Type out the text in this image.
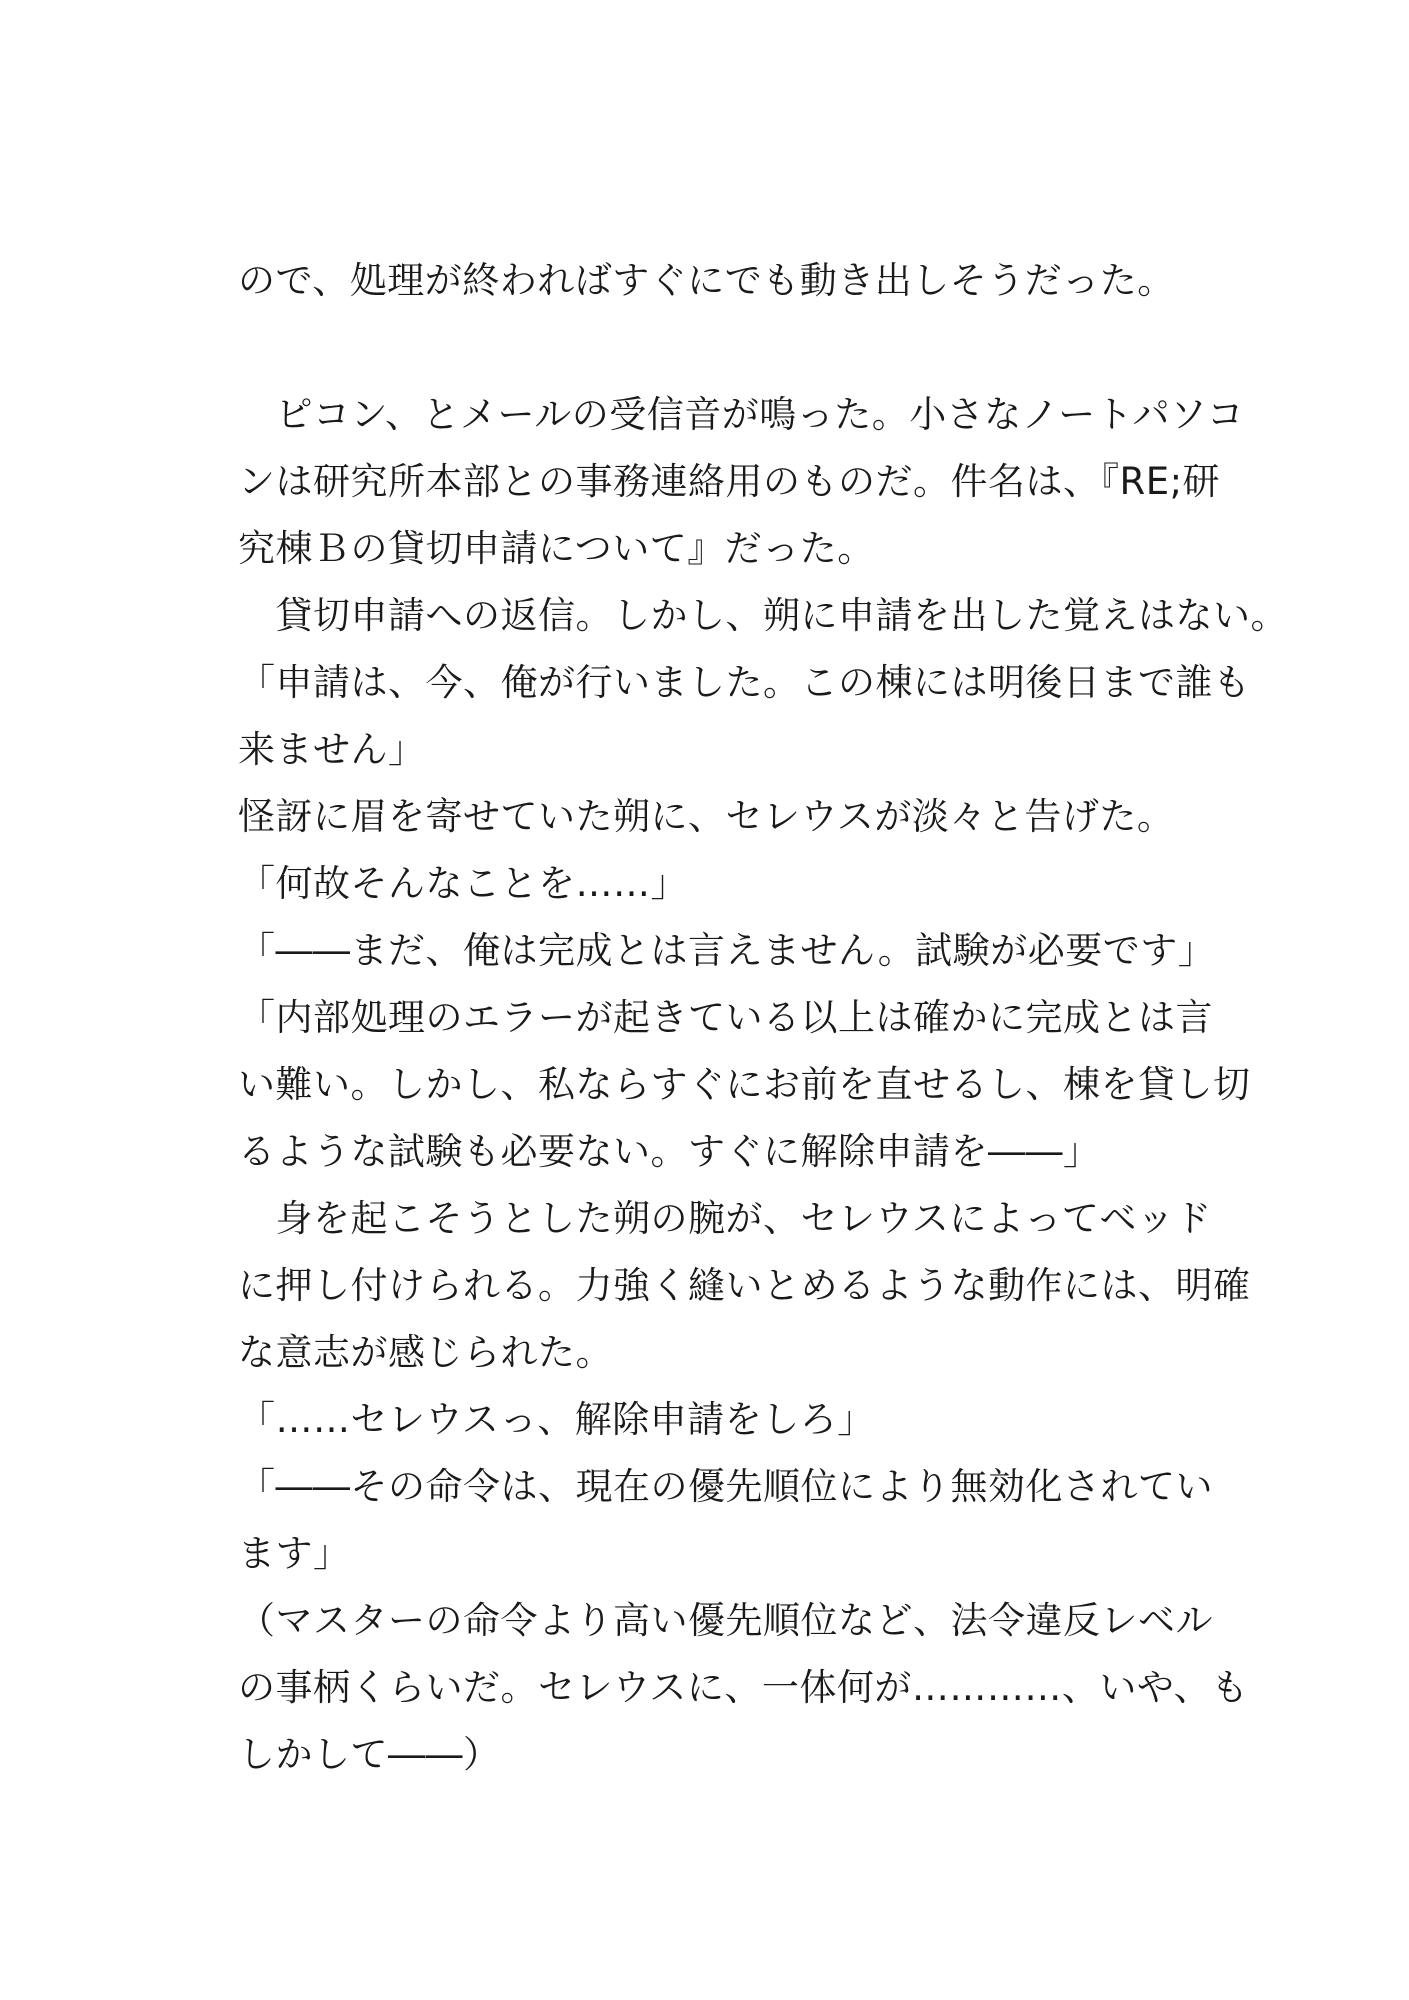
ので、処理が終わればすぐにでも動き出しそうだった。
　ピコン、とメールの受信音が鳴った。小さなノートパソコ
ンは研究所本部との事務連絡用のものだ。件名は、『RE;研
究棟Ｂの貸切申請について』だった。
　貸切申請への返信。しかし、朔に申請を出した覚えはない。
「申請は、今、俺が行いました。この棟には明後日まで誰も
来ません」
怪訝に眉を寄せていた朔に、セレウスが淡々と告げた。
「何故そんなことを……」
「――まだ、俺は完成とは言えません。試験が必要です」
「内部処理のエラーが起きている以上は確かに完成とは言
い難い。しかし、私ならすぐにお前を直せるし、棟を貸し切
るような試験も必要ない。すぐに解除申請を――」
　身を起こそうとした朔の腕が、セレウスによってベッド
に押し付けられる。力強く縫いとめるような動作には、明確
な意志が感じられた。
「……セレウスっ、解除申請をしろ」
「――その命令は、現在の優先順位により無効化されてい
ます」
（マスターの命令より高い優先順位など、法令違反レベル
の事柄くらいだ。セレウスに、一体何が…………、いや、も
しかして――）
